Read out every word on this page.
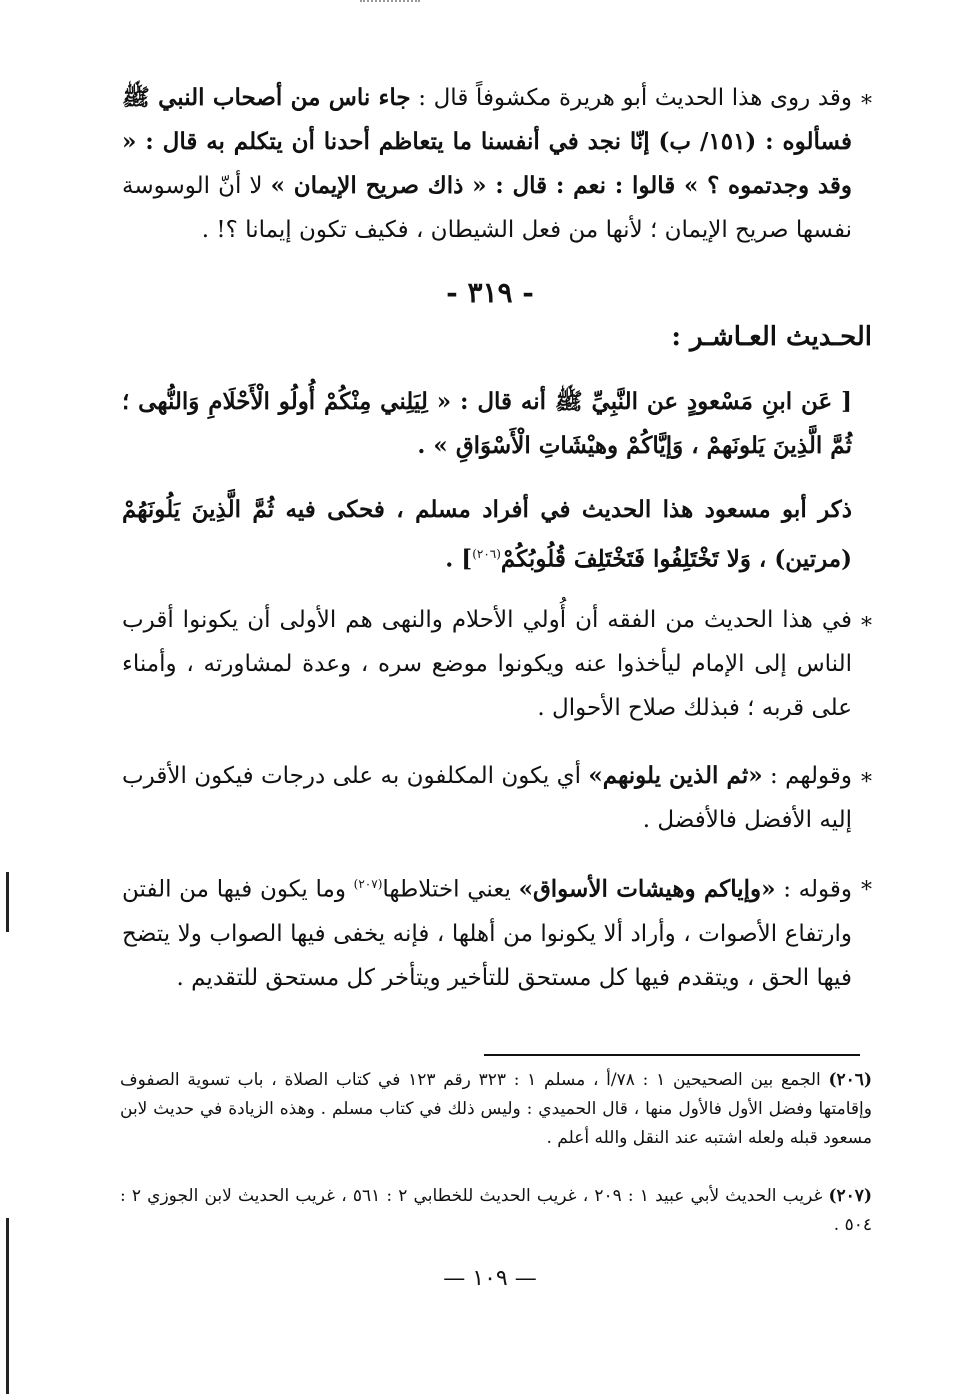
*
وقد روى هذا الحديث أبو هريرة مكشوفاً قال : جاء ناس من أصحاب النبي ﷺ فسألوه : (١٥١/ ب) إنّا نجد في أنفسنا ما يتعاظم أحدنا أن يتكلم به قال : « وقد وجدتموه ؟ » قالوا : نعم : قال : « ذاك صريح الإيمان » لا أنّ الوسوسة نفسها صريح الإيمان ؛ لأنها من فعل الشيطان ، فكيف تكون إيمانا ؟! .
- ٣١٩ -
الحـديث العـاشـر :
[ عَن ابنِ مَسْعودٍ عن النَّبِيِّ ﷺ أنه قال : « لِيَلِني مِنْكُمْ أُولُو الْأَحْلَامِ وَالنُّهى ؛ ثُمَّ الَّذِينَ يَلونَهمْ ، وَإيَّاكُمْ وهيْشَاتِ الْأَسْوَاقِ » .
ذكر أبو مسعود هذا الحديث في أفراد مسلم ، فحكى فيه ثُمَّ الَّذِينَ يَلُونَهُمْ (مرتين) ، وَلا تَخْتَلِفُوا فَتَخْتَلِفَ قُلُوبُكُمْ$^{(٢٠٦)}$] .
*
في هذا الحديث من الفقه أن أُولي الأحلام والنهى هم الأولى أن يكونوا أقرب الناس إلى الإمام ليأخذوا عنه ويكونوا موضع سره ، وعدة لمشاورته ، وأمناء على قربه ؛ فبذلك صلاح الأحوال .
*
وقولهم : «ثم الذين يلونهم» أي يكون المكلفون به على درجات فيكون الأقرب إليه الأفضل فالأفضل .
*
وقوله : «وإياكم وهيشات الأسواق» يعني اختلاطها$^{(٢٠٧)}$ وما يكون فيها من الفتن وارتفاع الأصوات ، وأراد ألا يكونوا من أهلها ، فإنه يخفى فيها الصواب ولا يتضح فيها الحق ، ويتقدم فيها كل مستحق للتأخير ويتأخر كل مستحق للتقديم .
(٢٠٦) الجمع بين الصحيحين ١ : ٧٨/أ ، مسلم ١ : ٣٢٣ رقم ١٢٣ في كتاب الصلاة ، باب تسوية الصفوف وإقامتها وفضل الأول فالأول منها ، قال الحميدي : وليس ذلك في كتاب مسلم . وهذه الزيادة في حديث لابن مسعود قبله ولعله اشتبه عند النقل والله أعلم .
(٢٠٧) غريب الحديث لأبي عبيد ١ : ٢٠٩ ، غريب الحديث للخطابي ٢ : ٥٦١ ، غريب الحديث لابن الجوزي ٢ : ٥٠٤ .
— ١٠٩ —
